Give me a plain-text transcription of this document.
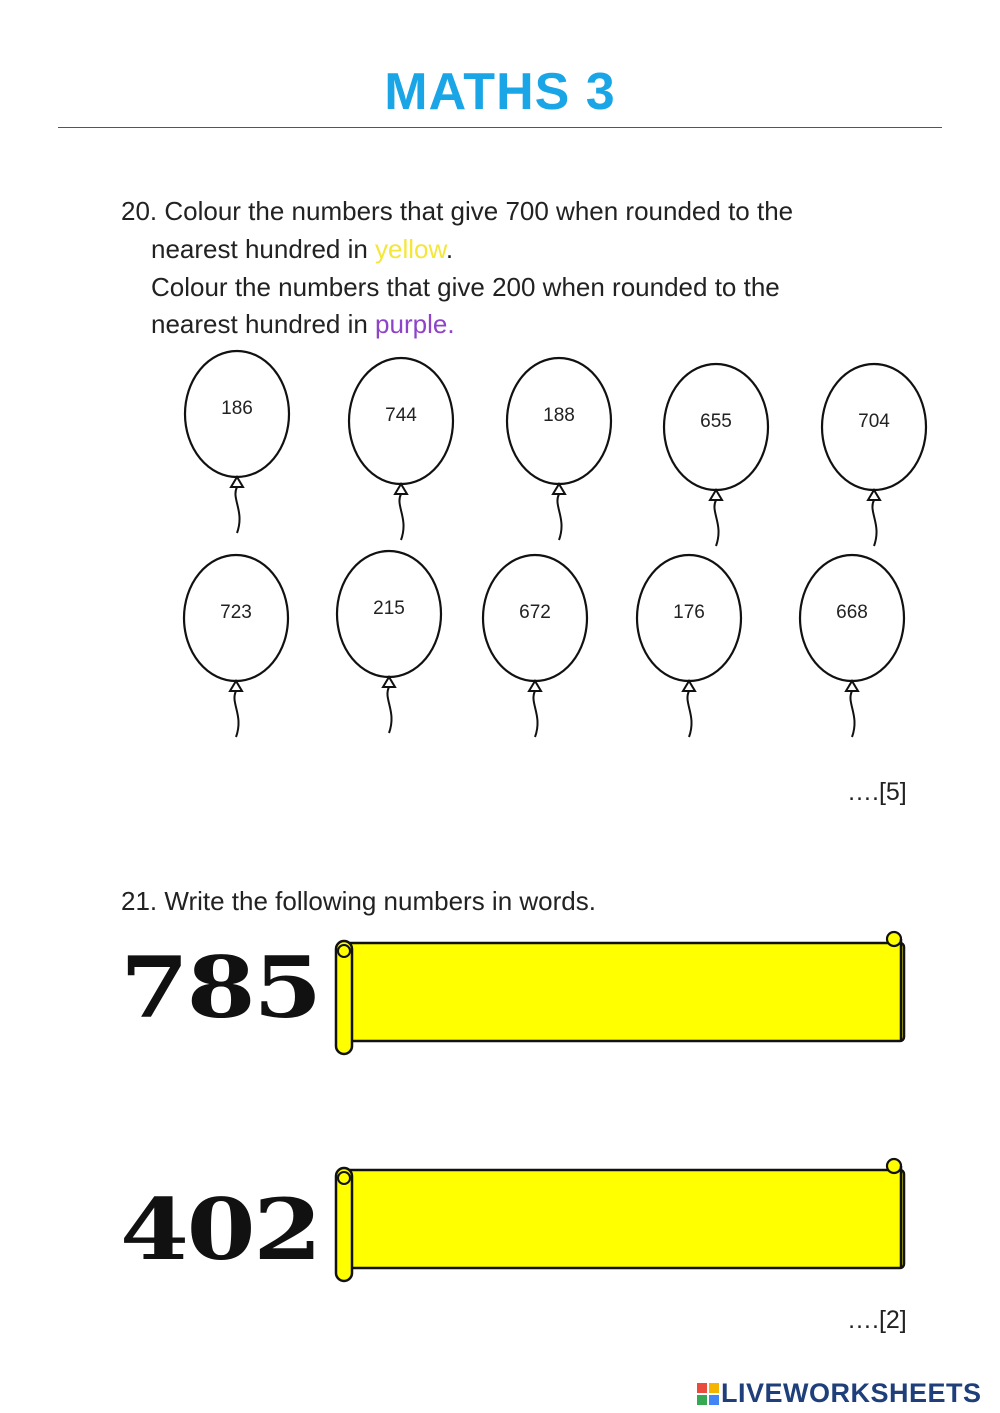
MATHS 3
20. Colour the numbers that give 700 when rounded to the
nearest hundred in yellow.
Colour the numbers that give 200 when rounded to the
nearest hundred in purple.
186	744	188	655	704
723	215	672	176	668
….[5]
21. Write the following numbers in words.
785
402
….[2]
LIVEWORKSHEETS
